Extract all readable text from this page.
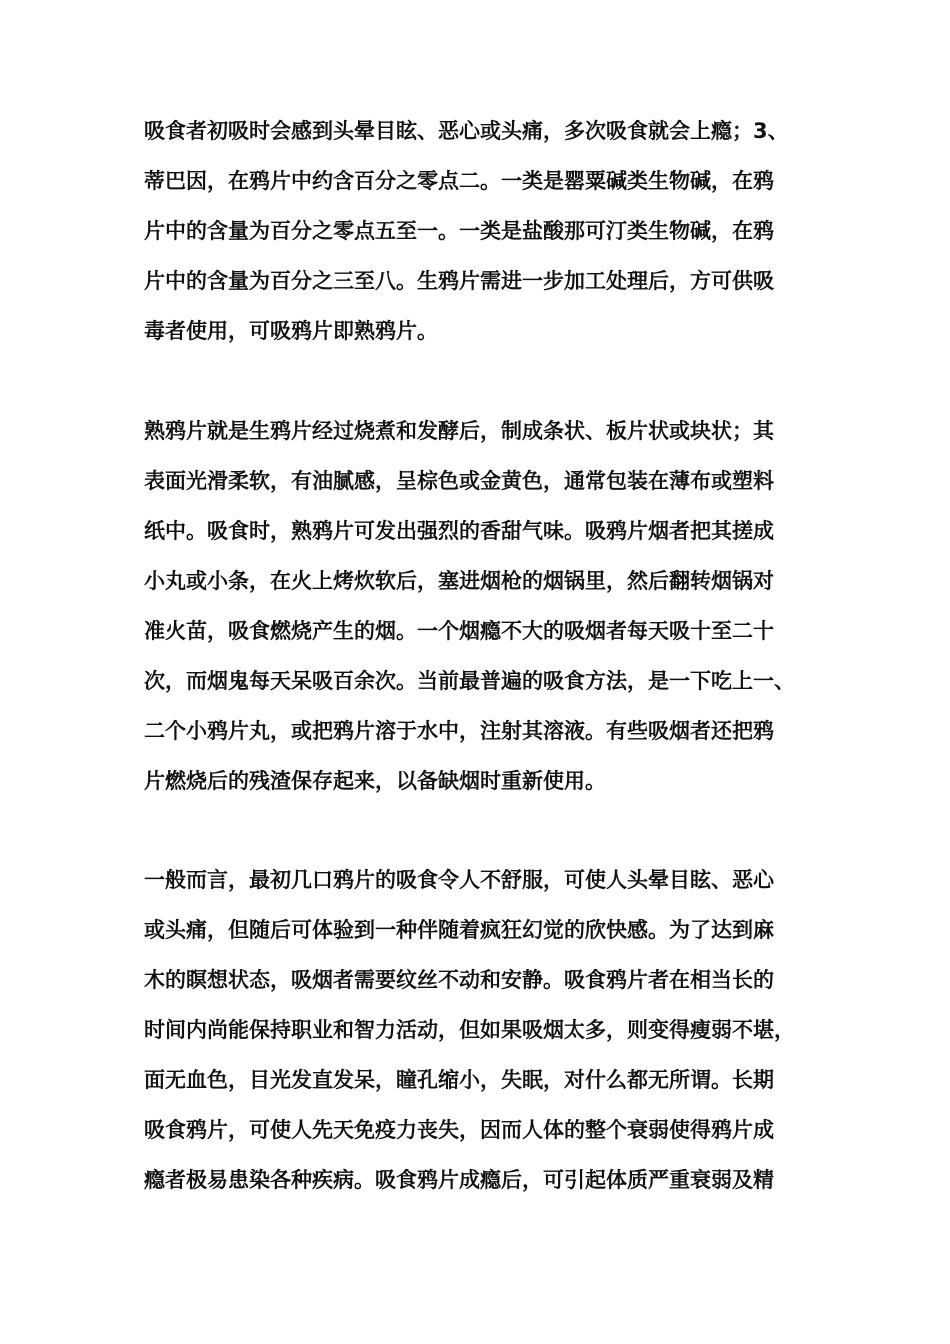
吸食者初吸时会感到头晕目眩、恶心或头痛，多次吸食就会上瘾；3、
蒂巴因，在鸦片中约含百分之零点二。一类是罂粟碱类生物碱，在鸦
片中的含量为百分之零点五至一。一类是盐酸那可汀类生物碱，在鸦
片中的含量为百分之三至八。生鸦片需进一步加工处理后，方可供吸
毒者使用，可吸鸦片即熟鸦片。
熟鸦片就是生鸦片经过烧煮和发酵后，制成条状、板片状或块状；其
表面光滑柔软，有油腻感，呈棕色或金黄色，通常包装在薄布或塑料
纸中。吸食时，熟鸦片可发出强烈的香甜气味。吸鸦片烟者把其搓成
小丸或小条，在火上烤炊软后，塞进烟枪的烟锅里，然后翻转烟锅对
准火苗，吸食燃烧产生的烟。一个烟瘾不大的吸烟者每天吸十至二十
次，而烟鬼每天呆吸百余次。当前最普遍的吸食方法，是一下吃上一、
二个小鸦片丸，或把鸦片溶于水中，注射其溶液。有些吸烟者还把鸦
片燃烧后的残渣保存起来，以备缺烟时重新使用。
一般而言，最初几口鸦片的吸食令人不舒服，可使人头晕目眩、恶心
或头痛，但随后可体验到一种伴随着疯狂幻觉的欣快感。为了达到麻
木的瞑想状态，吸烟者需要纹丝不动和安静。吸食鸦片者在相当长的
时间内尚能保持职业和智力活动，但如果吸烟太多，则变得瘦弱不堪，
面无血色，目光发直发呆，瞳孔缩小，失眠，对什么都无所谓。长期
吸食鸦片，可使人先天免疫力丧失，因而人体的整个衰弱使得鸦片成
瘾者极易患染各种疾病。吸食鸦片成瘾后，可引起体质严重衰弱及精
